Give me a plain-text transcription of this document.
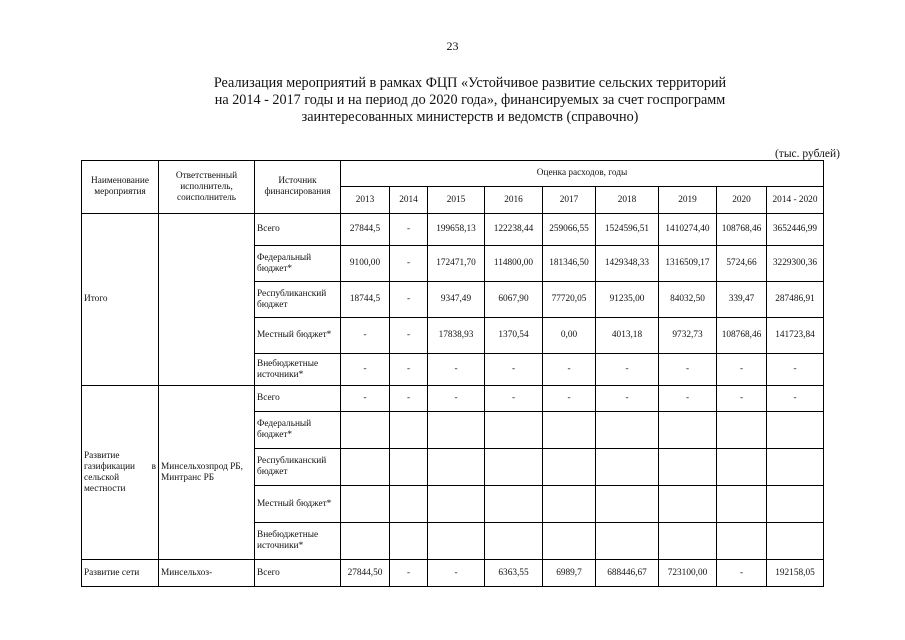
23
Реализация мероприятий в рамках ФЦП «Устойчивое развитие сельских территорий
на 2014 - 2017 годы и на период до 2020 года», финансируемых за счет госпрограмм
заинтересованных министерств и ведомств (справочно)
(тыс. рублей)
Наименование мероприятия	Ответственный исполнитель, соисполнитель	Источник финансирования	Оценка расходов, годы								
			2013	2014	2015	2016	2017	2018	2019	2020	2014 - 2020
Итого		Всего	27844,5	-	199658,13	122238,44	259066,55	1524596,51	1410274,40	108768,46	3652446,99
		Федеральный бюджет*	9100,00	-	172471,70	114800,00	181346,50	1429348,33	1316509,17	5724,66	3229300,36
		Республиканский бюджет	18744,5	-	9347,49	6067,90	77720,05	91235,00	84032,50	339,47	287486,91
		Местный бюджет*	-	-	17838,93	1370,54	0,00	4013,18	9732,73	108768,46	141723,84
		Внебюджетные источники*	-	-	-	-	-	-	-	-	-
Развитие газификации в сельской местности	Минсельхозпрод РБ, Минтранс РБ	Всего	-	-	-	-	-	-	-	-	-
		Федеральный бюджет*									
		Республиканский бюджет									
		Местный бюджет*									
		Внебюджетные источники*									
Развитие сети	Минсельхоз-	Всего	27844,50	-	-	6363,55	6989,7	688446,67	723100,00	-	192158,05
